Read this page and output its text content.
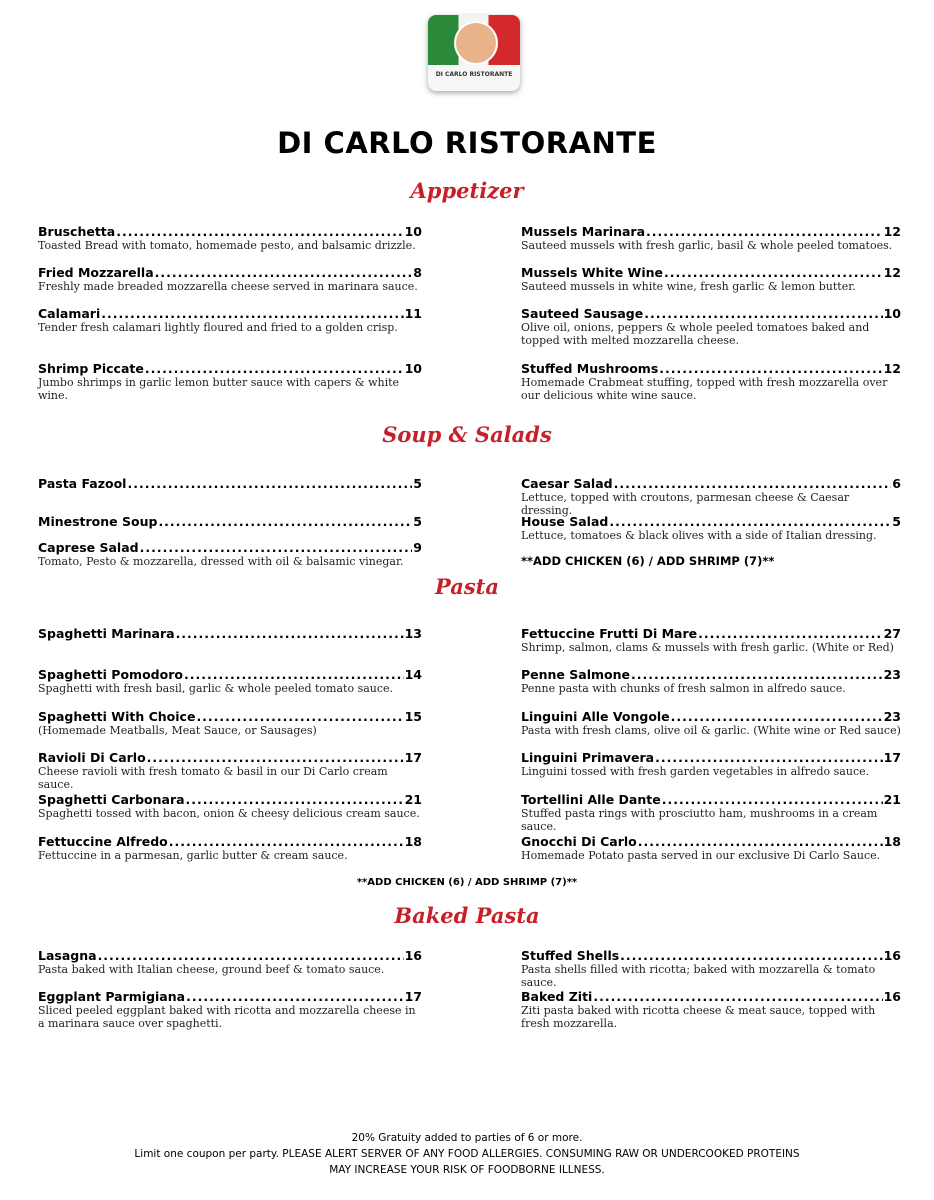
DI CARLO RISTORANTE
DI CARLO RISTORANTE
Appetizer
Bruschetta .....	10
Toasted Bread with tomato, homemade pesto, and balsamic drizzle.
Fried Mozzarella .....	8
Freshly made breaded mozzarella cheese served in marinara sauce.
Calamari .....	11
Tender fresh calamari lightly floured and fried to a golden crisp.
Shrimp Piccate .....	10
Jumbo shrimps in garlic lemon butter sauce with capers & white wine.
Mussels Marinara .....	12
Sauteed mussels with fresh garlic, basil & whole peeled tomatoes.
Mussels White Wine .....	12
Sauteed mussels in white wine, fresh garlic & lemon butter.
Sauteed Sausage .....	10
Olive oil, onions, peppers & whole peeled tomatoes baked and topped with melted mozzarella cheese.
Stuffed Mushrooms .....	12
Homemade Crabmeat stuffing, topped with fresh mozzarella over our delicious white wine sauce.
Soup & Salads
Pasta Fazool .....	5
Minestrone Soup .....	5
Caprese Salad .....	9
Tomato, Pesto & mozzarella, dressed with oil & balsamic vinegar.
Caesar Salad .....	6
Lettuce, topped with croutons, parmesan cheese & Caesar dressing.
House Salad .....	5
Lettuce, tomatoes & black olives with a side of Italian dressing.
**ADD CHICKEN (6) / ADD SHRIMP (7)**
Pasta
Spaghetti Marinara .....	13
Spaghetti Pomodoro .....	14
Spaghetti with fresh basil, garlic & whole peeled tomato sauce.
Spaghetti With Choice .....	15
(Homemade Meatballs, Meat Sauce, or Sausages)
Ravioli Di Carlo .....	17
Cheese ravioli with fresh tomato & basil in our Di Carlo cream sauce.
Spaghetti Carbonara .....	21
Spaghetti tossed with bacon, onion & cheesy delicious cream sauce.
Fettuccine Alfredo .....	18
Fettuccine in a parmesan, garlic butter & cream sauce.
Fettuccine Frutti Di Mare .....	27
Shrimp, salmon, clams & mussels with fresh garlic. (White or Red)
Penne Salmone .....	23
Penne pasta with chunks of fresh salmon in alfredo sauce.
Linguini Alle Vongole .....	23
Pasta with fresh clams, olive oil & garlic. (White wine or Red sauce)
Linguini Primavera .....	17
Linguini tossed with fresh garden vegetables in alfredo sauce.
Tortellini Alle Dante .....	21
Stuffed pasta rings with prosciutto ham, mushrooms in a cream sauce.
Gnocchi Di Carlo .....	18
Homemade Potato pasta served in our exclusive Di Carlo Sauce.
**ADD CHICKEN (6) / ADD SHRIMP (7)**
Baked Pasta
Lasagna .....	16
Pasta baked with Italian cheese, ground beef & tomato sauce.
Eggplant Parmigiana .....	17
Sliced peeled eggplant baked with ricotta and mozzarella cheese in a marinara sauce over spaghetti.
Stuffed Shells .....	16
Pasta shells filled with ricotta; baked with mozzarella & tomato sauce.
Baked Ziti .....	16
Ziti pasta baked with ricotta cheese & meat sauce, topped with fresh mozzarella.
20% Gratuity added to parties of 6 or more.
Limit one coupon per party. PLEASE ALERT SERVER OF ANY FOOD ALLERGIES. CONSUMING RAW OR UNDERCOOKED PROTEINS
MAY INCREASE YOUR RISK OF FOODBORNE ILLNESS.
